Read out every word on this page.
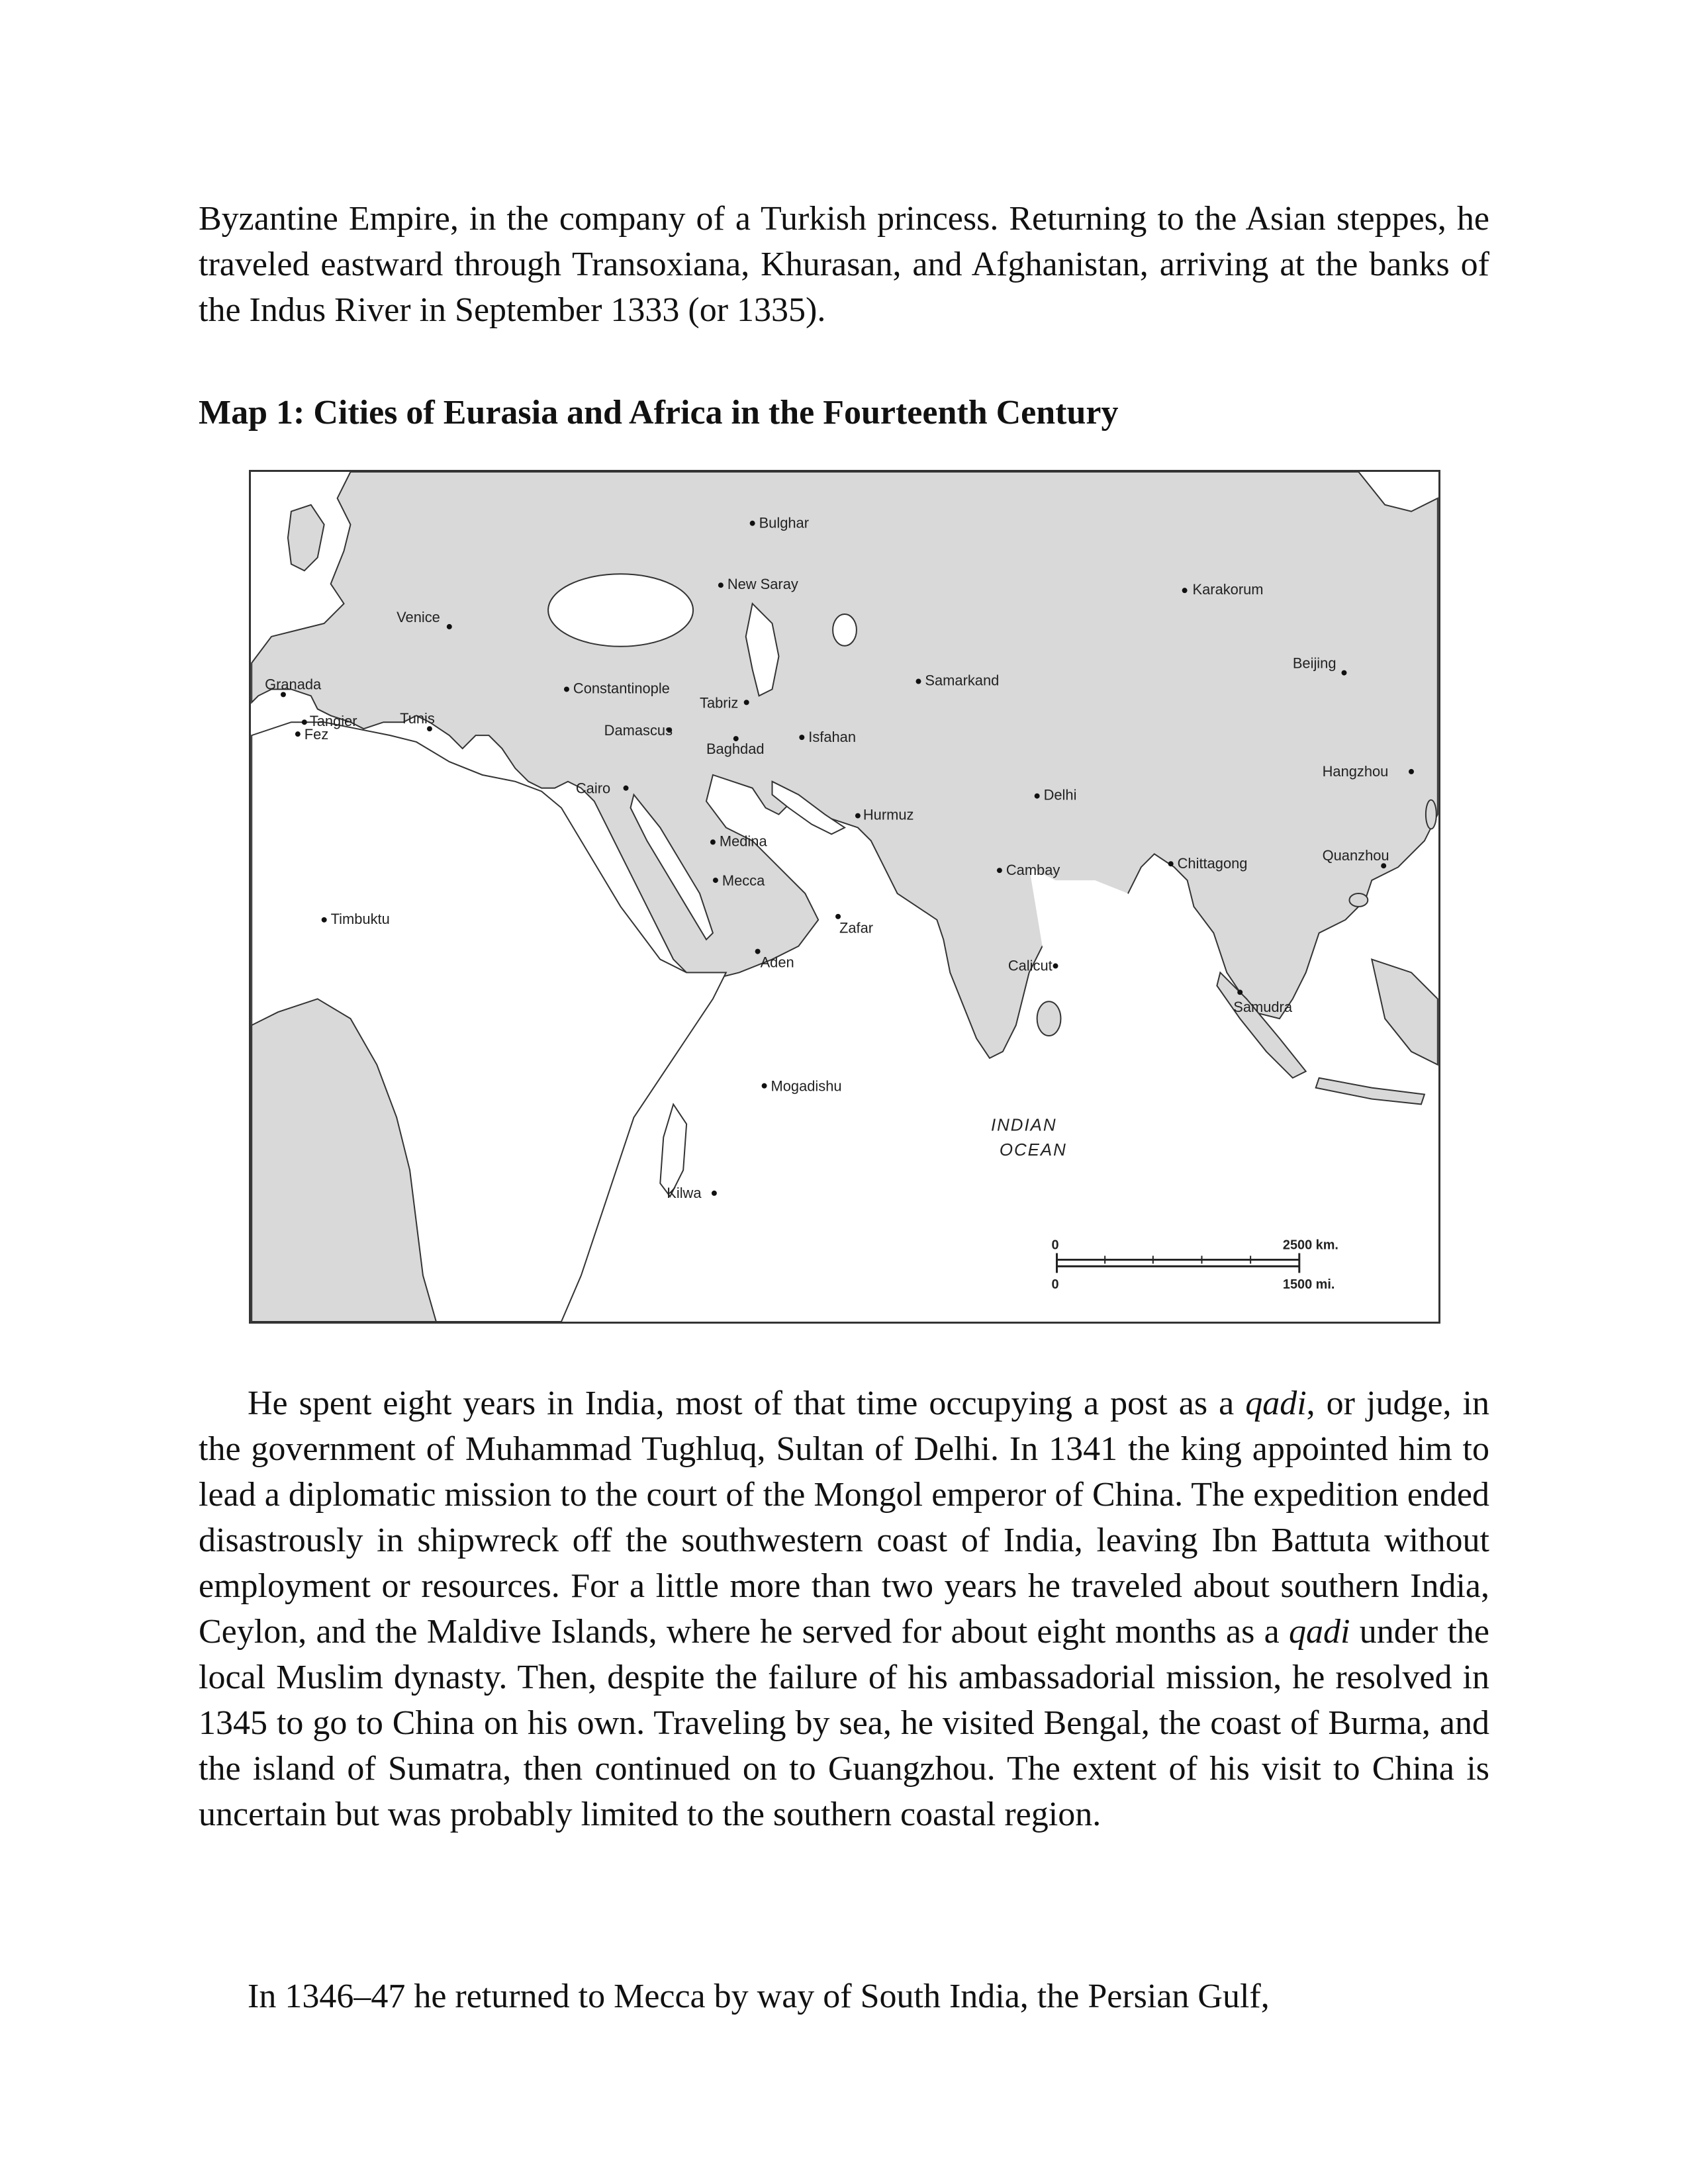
Byzantine Empire, in the company of a Turkish princess. Returning to the Asian steppes, he traveled eastward through Transoxiana, Khurasan, and Afghanistan, arriving at the banks of the Indus River in September 1333 (or 1335).

Map 1: Cities of Eurasia and Africa in the Fourteenth Century
Bulghar
New Saray	Karakorum
Venice
Granada	Constantinople	Samarkand
Beijing
Tabriz
Tangier
Fez
Tunis
Damascus	Isfahan
Baghdad
Hangzhou
Cairo	Delhi
Hurmuz
Medina
Cambay	Chittagong	Quanzhou
Mecca
Timbuktu
Zafar
Aden	Calicut
Samudra
Mogadishu
Kilwa
INDIAN
OCEAN
0
0
2500 km.
1500 mi.

He spent eight years in India, most of that time occupying a post as a qadi, or judge, in the government of Muhammad Tughluq, Sultan of Delhi. In 1341 the king appointed him to lead a diplomatic mission to the court of the Mongol emperor of China. The expedition ended disastrously in shipwreck off the southwestern coast of India, leaving Ibn Battuta without employment or resources. For a little more than two years he traveled about southern India, Ceylon, and the Maldive Islands, where he served for about eight months as a qadi under the local Muslim dynasty. Then, despite the failure of his ambassadorial mission, he resolved in 1345 to go to China on his own. Traveling by sea, he visited Bengal, the coast of Burma, and the island of Sumatra, then continued on to Guangzhou. The extent of his visit to China is uncertain but was probably limited to the southern coastal region.

In 1346–47 he returned to Mecca by way of South India, the Persian Gulf,
